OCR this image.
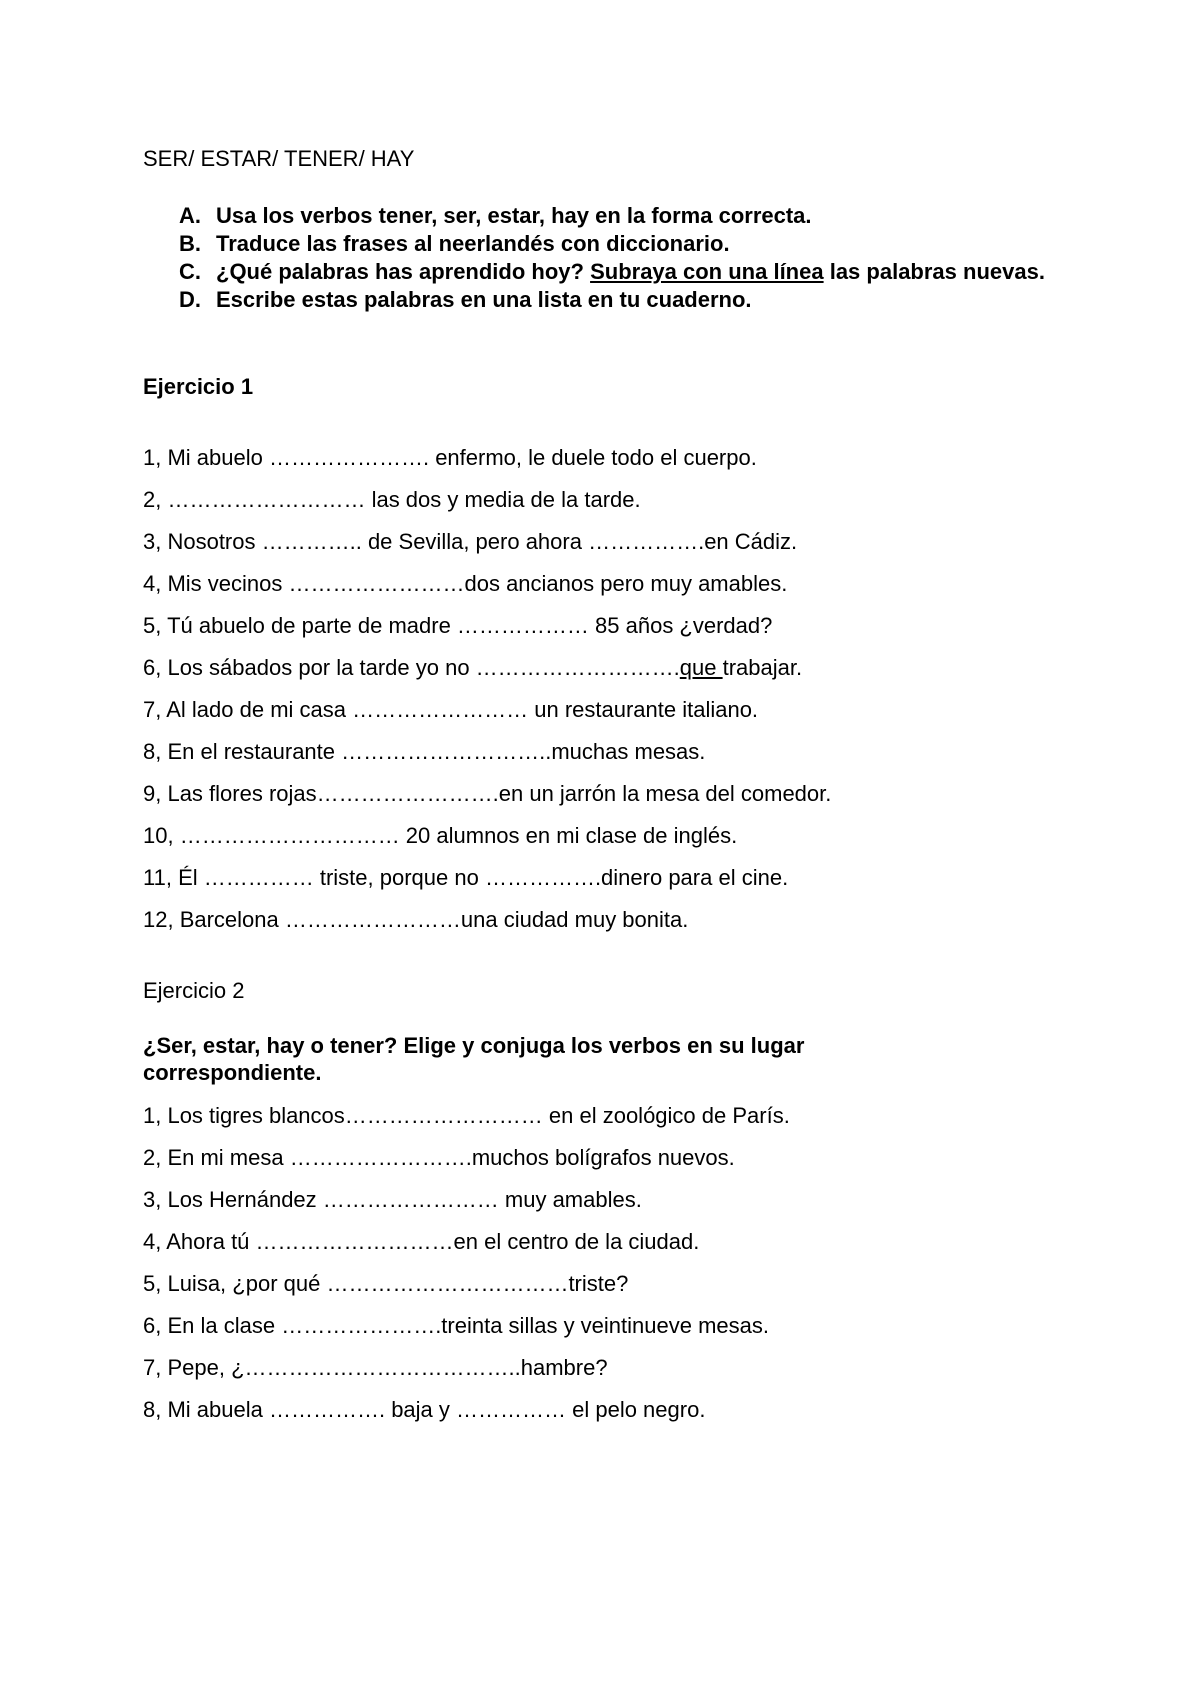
SER/ ESTAR/ TENER/ HAY
A. Usa los verbos tener, ser, estar, hay en la forma correcta.
B. Traduce las frases al neerlandés con diccionario.
C. ¿Qué palabras has aprendido hoy? Subraya con una línea las palabras nuevas.
D. Escribe estas palabras en una lista en tu cuaderno.
Ejercicio 1
1, Mi abuelo …………………. enfermo, le duele todo el cuerpo.
2, ……………………… las dos y media de la tarde.
3, Nosotros ………….. de Sevilla, pero ahora …………….en Cádiz.
4, Mis vecinos ……………………dos ancianos pero muy amables.
5, Tú abuelo de parte de madre ……………… 85 años ¿verdad?
6, Los sábados por la tarde yo no ……………………….que trabajar.
7, Al lado de mi casa …………………… un restaurante italiano.
8, En el restaurante ………………………..muchas mesas.
9, Las flores rojas…………………….en un jarrón la mesa del comedor.
10, ………………………… 20 alumnos en mi clase de inglés.
11, Él …………… triste, porque no …………….dinero para el cine.
12, Barcelona ……………………una ciudad muy bonita.
Ejercicio 2
¿Ser, estar, hay o tener? Elige y conjuga los verbos en su lugar correspondiente.
1, Los tigres blancos……………………… en el zoológico de París.
2, En mi mesa …………………….muchos bolígrafos nuevos.
3, Los Hernández …………………… muy amables.
4, Ahora tú ………………………en el centro de la ciudad.
5, Luisa, ¿por qué ……………………………triste?
6, En la clase ………………….treinta sillas y veintinueve mesas.
7, Pepe, ¿………………………………..hambre?
8, Mi abuela ……………. baja y …………… el pelo negro.
